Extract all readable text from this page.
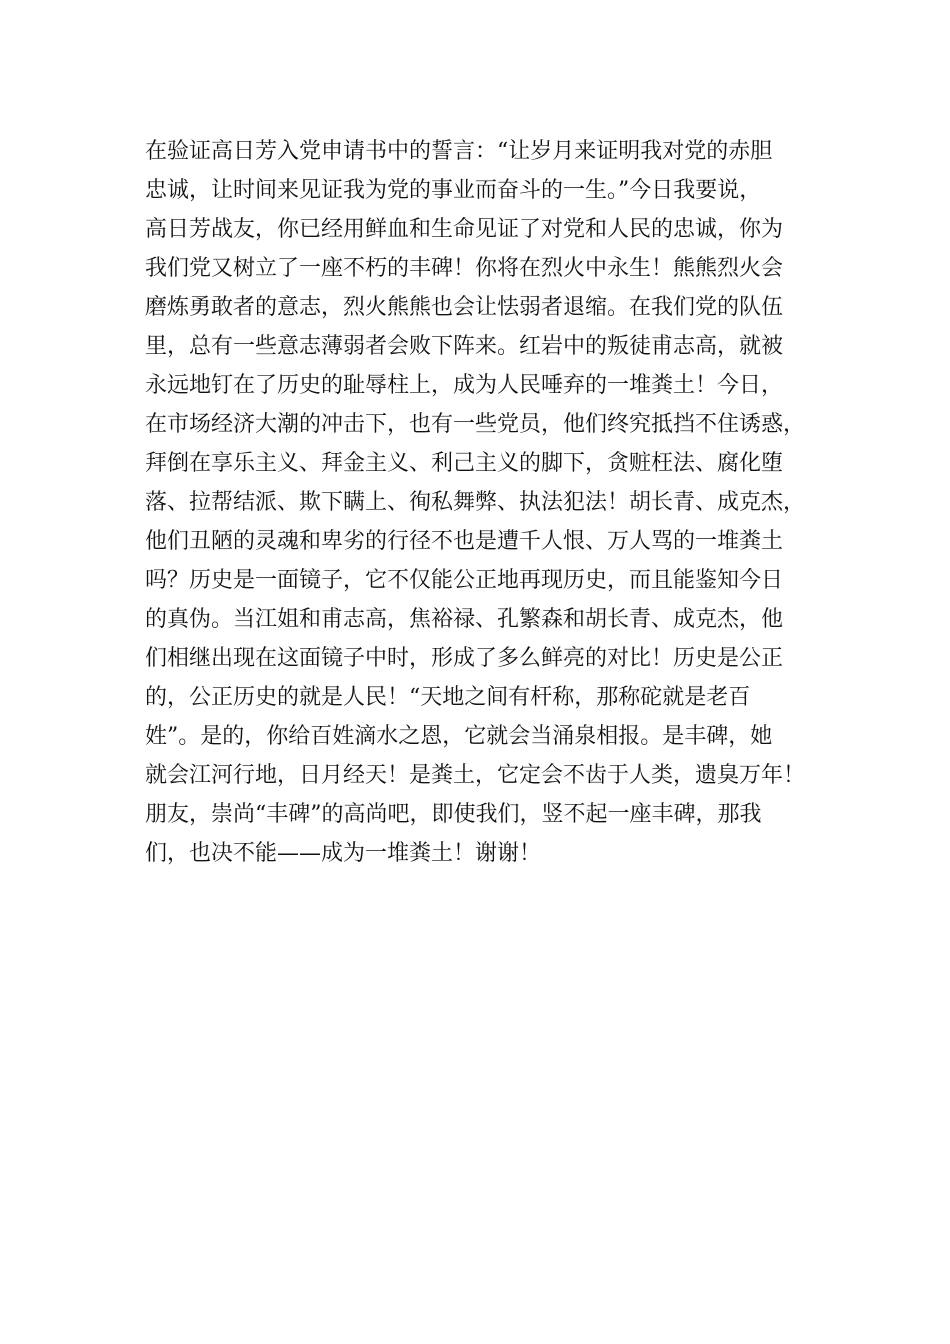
在验证高日芳入党申请书中的誓言：“让岁月来证明我对党的赤胆
忠诚，让时间来见证我为党的事业而奋斗的一生。”今日我要说，
高日芳战友，你已经用鲜血和生命见证了对党和人民的忠诚，你为
我们党又树立了一座不朽的丰碑！你将在烈火中永生！熊熊烈火会
磨炼勇敢者的意志，烈火熊熊也会让怯弱者退缩。在我们党的队伍
里，总有一些意志薄弱者会败下阵来。红岩中的叛徒甫志高，就被
永远地钉在了历史的耻辱柱上，成为人民唾弃的一堆粪土！今日，
在市场经济大潮的冲击下，也有一些党员，他们终究抵挡不住诱惑，
拜倒在享乐主义、拜金主义、利己主义的脚下，贪赃枉法、腐化堕
落、拉帮结派、欺下瞒上、徇私舞弊、执法犯法！胡长青、成克杰，
他们丑陋的灵魂和卑劣的行径不也是遭千人恨、万人骂的一堆粪土
吗？历史是一面镜子，它不仅能公正地再现历史，而且能鉴知今日
的真伪。当江姐和甫志高，焦裕禄、孔繁森和胡长青、成克杰，他
们相继出现在这面镜子中时，形成了多么鲜亮的对比！历史是公正
的，公正历史的就是人民！“天地之间有杆称，那称砣就是老百
姓”。是的，你给百姓滴水之恩，它就会当涌泉相报。是丰碑，她
就会江河行地，日月经天！是粪土，它定会不齿于人类，遗臭万年！
朋友，崇尚“丰碑”的高尚吧，即使我们，竖不起一座丰碑，那我
们，也决不能——成为一堆粪土！谢谢！
